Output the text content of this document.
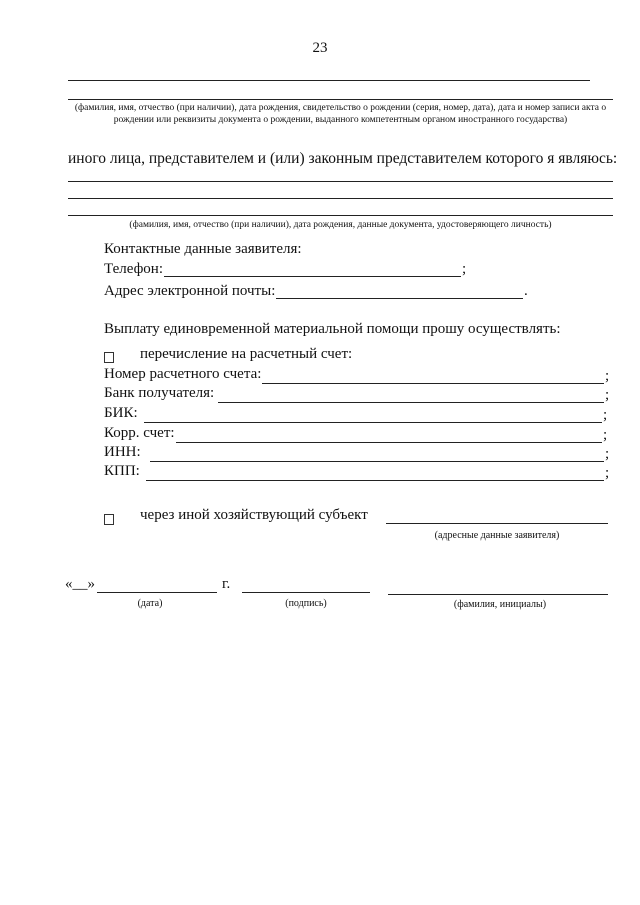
23
(фамилия, имя, отчество (при наличии), дата рождения, свидетельство о рождении (серия, номер, дата), дата и номер записи акта о рождении или реквизиты документа о рождении, выданного компетентным органом иностранного государства)
иного лица, представителем и (или) законным представителем которого я являюсь:
(фамилия, имя, отчество (при наличии), дата рождения, данные документа, удостоверяющего личность)
Контактные данные заявителя:
Телефон:	;
Адрес электронной почты:	.
Выплату единовременной материальной помощи прошу осуществлять:
перечисление на расчетный счет:
Номер расчетного счета:	;
Банк получателя:	;
БИК:	;
Корр. счет:	;
ИНН:	;
КПП:	;
через иной хозяйствующий субъект
(адресные данные заявителя)
«__»	г.
(дата)	(подпись)	(фамилия, инициалы)
